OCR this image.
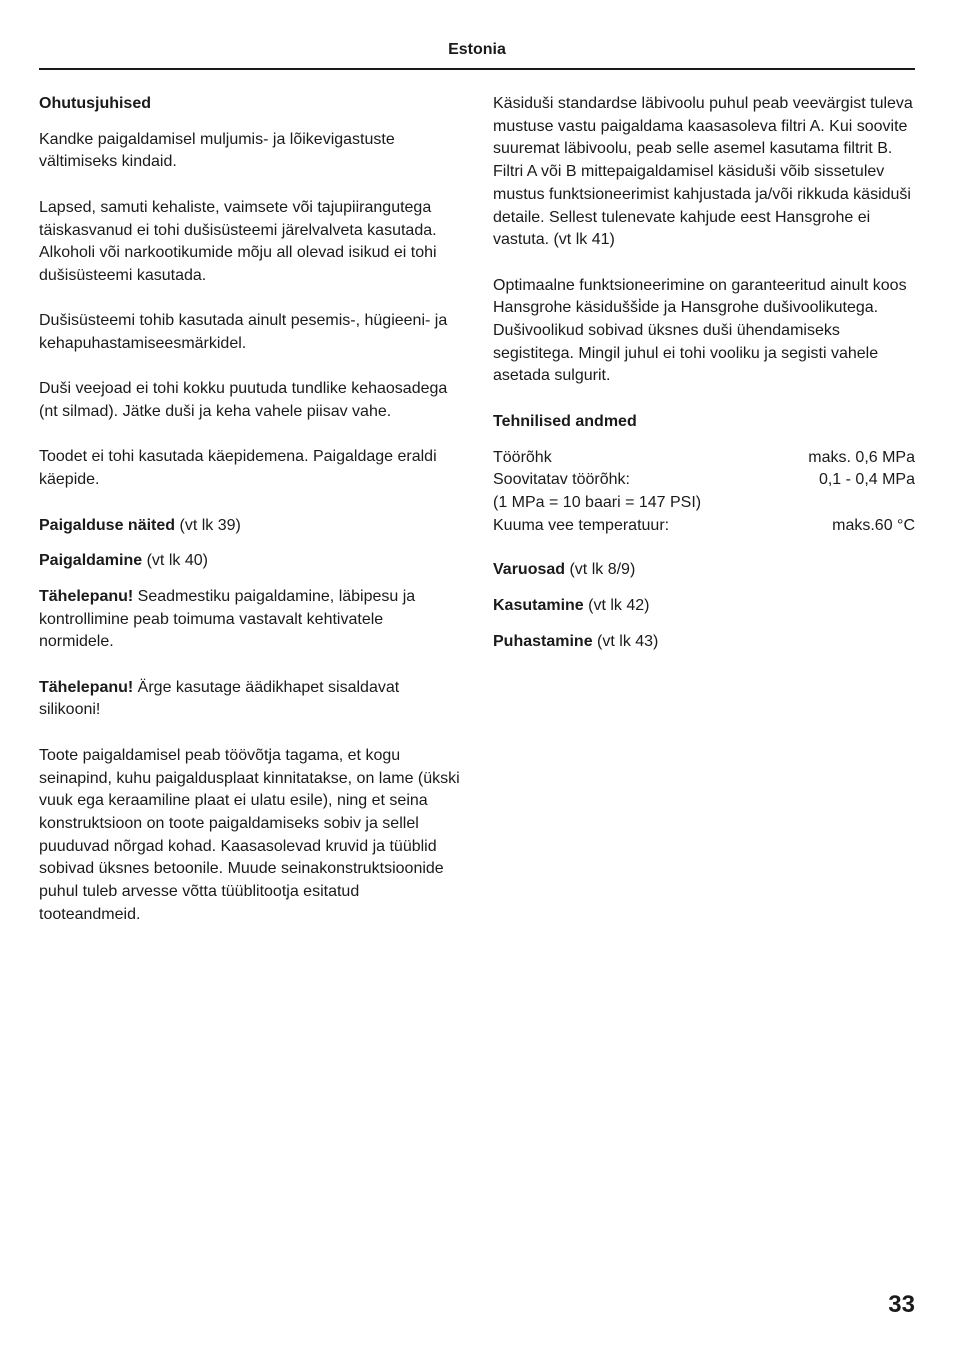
Estonia
Ohutusjuhised

Kandke paigaldamisel muljumis- ja lõikevigastuste vältimiseks kindaid.

Lapsed, samuti kehaliste, vaimsete või tajupiirangutega täiskasvanud ei tohi dušisüsteemi järelvalveta kasutada. Alkoholi või narkootikumide mõju all olevad isikud ei tohi dušisüsteemi kasutada.

Dušisüsteemi tohib kasutada ainult pesemis-, hügieeni- ja kehapuhastamiseesmärkidel.

Duši veejoad ei tohi kokku puutuda tundlike kehaosadega (nt silmad). Jätke duši ja keha vahele piisav vahe.

Toodet ei tohi kasutada käepidemena. Paigaldage eraldi käepide.

Paigalduse näited (vt lk 39)
Paigaldamine (vt lk 40)

Tähelepanu! Seadmestiku paigaldamine, läbipesu ja kontrollimine peab toimuma vastavalt kehtivatele normidele.

Tähelepanu! Ärge kasutage äädikhapet sisaldavat silikooni!

Toote paigaldamisel peab töövõtja tagama, et kogu seinapind, kuhu paigaldusplaat kinnitatakse, on lame (ükski vuuk ega keraamiline plaat ei ulatu esile), ning et seina konstruktsioon on toote paigaldamiseks sobiv ja sellel puuduvad nõrgad kohad. Kaasasolevad kruvid ja tüüblid sobivad üksnes betoonile. Muude seinakonstruktsioonide puhul tuleb arvesse võtta tüüblitootja esitatud tooteandmeid.

Käsiduši standardse läbivoolu puhul peab veevärgist tuleva mustuse vastu paigaldama kaasasoleva filtri A. Kui soovite suuremat läbivoolu, peab selle asemel kasutama filtrit B. Filtri A või B mittepaigaldamisel käsiduši võib sissetulev mustus funktsioneerimist kahjustada ja/või rikkuda käsiduši detaile. Sellest tulenevate kahjude eest Hansgrohe ei vastuta. (vt lk 41)

Optimaalne funktsioneerimine on garanteeritud ainult koos Hansgrohe käsidušši̇de ja Hansgrohe dušivoolikutega. Dušivoolikud sobivad üksnes duši ühendamiseks segistitega. Mingil juhul ei tohi vooliku ja segisti vahele asetada sulgurit.

Tehnilised andmed
Töörõhk	maks. 0,6 MPa
Soovitatav töörõhk:	0,1 - 0,4 MPa
(1 MPa = 10 baari = 147 PSI)	
Kuuma vee temperatuur:	maks.60 °C
Varuosad (vt lk 8/9)
Kasutamine (vt lk 42)
Puhastamine (vt lk 43)
33
